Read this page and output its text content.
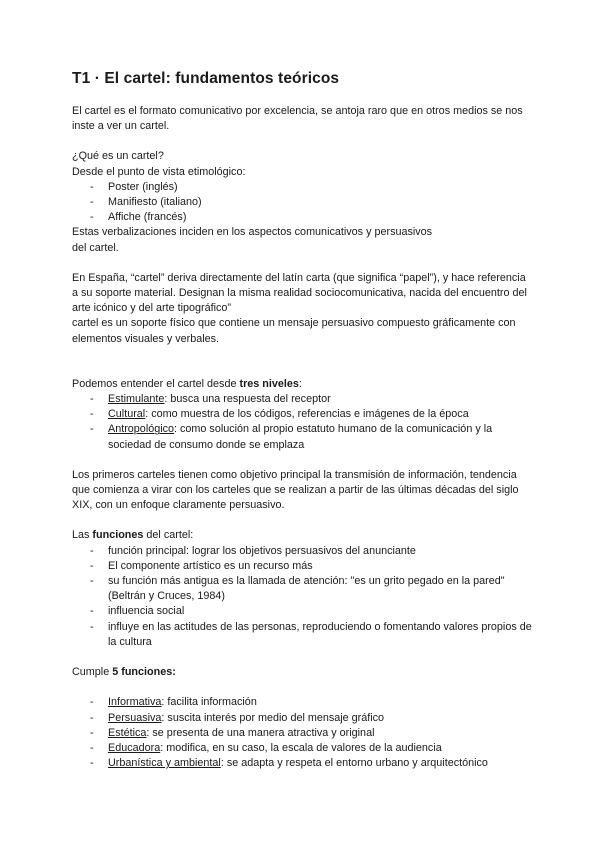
T1 · El cartel: fundamentos teóricos

El cartel es el formato comunicativo por excelencia, se antoja raro que en otros medios se nos inste a ver un cartel.

¿Qué es un cartel?

Desde el punto de vista etimológico:

- Poster (inglés)
- Manifiesto (italiano)
- Affiche (francés)

Estas verbalizaciones inciden en los aspectos comunicativos y persuasivos

del cartel.

En España, “cartel” deriva directamente del latín carta (que significa “papel”), y hace referencia a su soporte material. Designan la misma realidad sociocomunicativa, nacida del encuentro del arte icónico y del arte tipográfico”

cartel es un soporte físico que contiene un mensaje persuasivo compuesto gráficamente con elementos visuales y verbales.

Podemos entender el cartel desde tres niveles:

- Estimulante: busca una respuesta del receptor
- Cultural: como muestra de los códigos, referencias e imágenes de la época
- Antropológico: como solución al propio estatuto humano de la comunicación y la sociedad de consumo donde se emplaza

Los primeros carteles tienen como objetivo principal la transmisión de información, tendencia que comienza a virar con los carteles que se realizan a partir de las últimas décadas del siglo XIX, con un enfoque claramente persuasivo.

Las funciones del cartel:

- función principal: lograr los objetivos persuasivos del anunciante
- El componente artístico es un recurso más
- su función más antigua es la llamada de atención: "es un grito pegado en la pared" (Beltrán y Cruces, 1984)
- influencia social
- influye en las actitudes de las personas, reproduciendo o fomentando valores propios de la cultura

Cumple 5 funciones:

- Informativa: facilita información
- Persuasiva: suscita interés por medio del mensaje gráfico
- Estética: se presenta de una manera atractiva y original
- Educadora: modifica, en su caso, la escala de valores de la audiencia
- Urbanística y ambiental: se adapta y respeta el entorno urbano y arquitectónico
